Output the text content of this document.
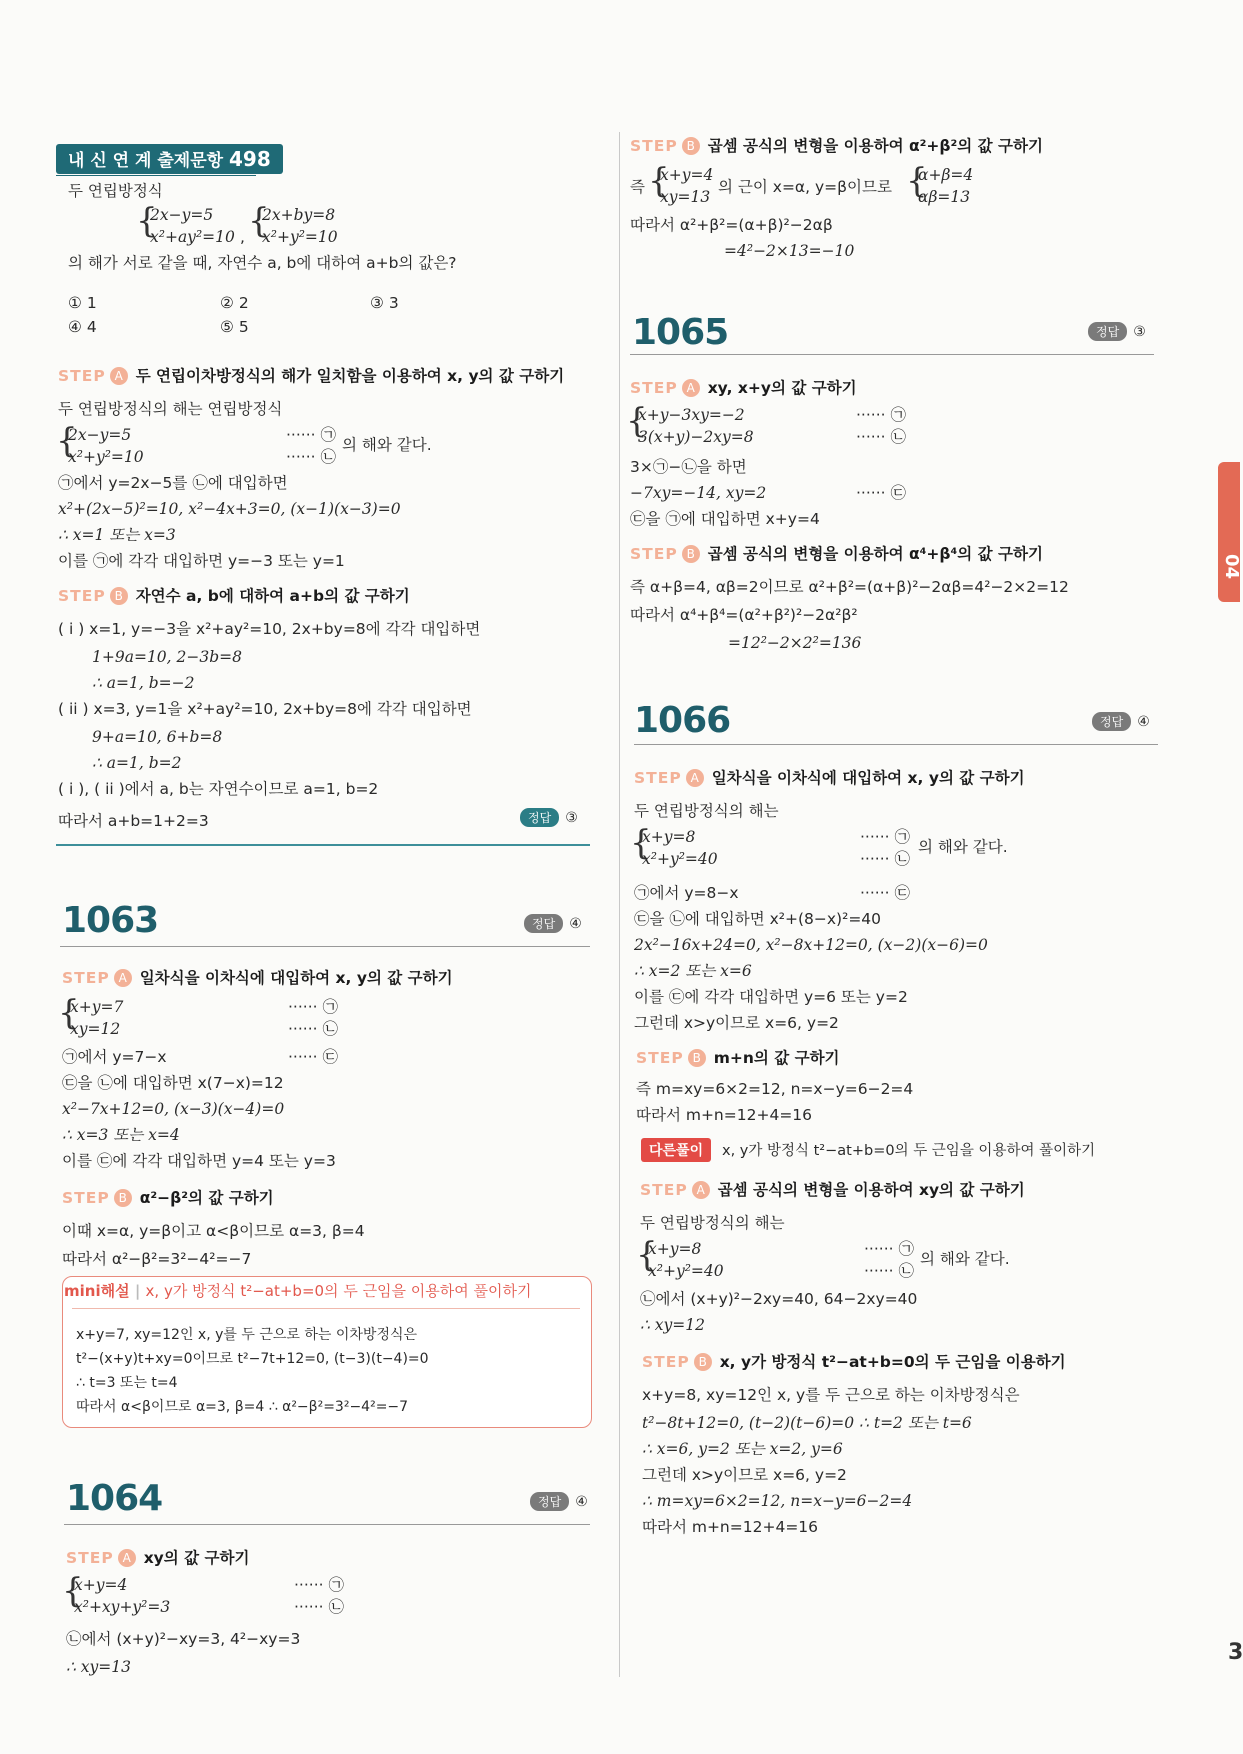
내 신 연 계 출제문항 498
두 연립방정식
{
2x−y=5
x²+ay²=10 , {
2x+by=8
x²+y²=10
의 해가 서로 같을 때, 자연수 a, b에 대하여 a+b의 값은?
① 1	② 2	③ 3
④ 4	⑤ 5
STEP A 두 연립이차방정식의 해가 일치함을 이용하여 x, y의 값 구하기
두 연립방정식의 해는 연립방정식
{
2x−y=5
x²+y²=10
······ ㉠
······ ㉡
의 해와 같다.
㉠에서 y=2x−5를 ㉡에 대입하면
x²+(2x−5)²=10, x²−4x+3=0, (x−1)(x−3)=0
∴ x=1 또는 x=3
이를 ㉠에 각각 대입하면 y=−3 또는 y=1
STEP B 자연수 a, b에 대하여 a+b의 값 구하기
( i ) x=1, y=−3을 x²+ay²=10, 2x+by=8에 각각 대입하면
1+9a=10, 2−3b=8
∴ a=1, b=−2
( ii ) x=3, y=1을 x²+ay²=10, 2x+by=8에 각각 대입하면
9+a=10, 6+b=8
∴ a=1, b=2
( i ), ( ii )에서 a, b는 자연수이므로 a=1, b=2
따라서 a+b=1+2=3	정답 ③
1063	정답 ④
STEP A 일차식을 이차식에 대입하여 x, y의 값 구하기
{
x+y=7
xy=12
······ ㉠
······ ㉡
㉠에서 y=7−x	······ ㉢
㉢을 ㉡에 대입하면 x(7−x)=12
x²−7x+12=0, (x−3)(x−4)=0
∴ x=3 또는 x=4
이를 ㉢에 각각 대입하면 y=4 또는 y=3
STEP B α²−β²의 값 구하기
이때 x=α, y=β이고 α<β이므로 α=3, β=4
따라서 α²−β²=3²−4²=−7
mini해설 | x, y가 방정식 t²−at+b=0의 두 근임을 이용하여 풀이하기
x+y=7, xy=12인 x, y를 두 근으로 하는 이차방정식은
t²−(x+y)t+xy=0이므로 t²−7t+12=0, (t−3)(t−4)=0
∴ t=3 또는 t=4
따라서 α<β이므로 α=3, β=4 ∴ α²−β²=3²−4²=−7
1064	정답 ④
STEP A xy의 값 구하기
{
x+y=4
x²+xy+y²=3
······ ㉠
······ ㉡
㉡에서 (x+y)²−xy=3, 4²−xy=3
∴ xy=13
STEP B 곱셈 공식의 변형을 이용하여 α²+β²의 값 구하기
즉 {
x+y=4
xy=13
의 근이 x=α, y=β이므로 {
α+β=4
αβ=13
따라서 α²+β²=(α+β)²−2αβ
=4²−2×13=−10
1065	정답 ③
STEP A xy, x+y의 값 구하기
{
x+y−3xy=−2
3(x+y)−2xy=8
······ ㉠
······ ㉡
3×㉠−㉡을 하면
−7xy=−14, xy=2	······ ㉢
㉢을 ㉠에 대입하면 x+y=4
STEP B 곱셈 공식의 변형을 이용하여 α⁴+β⁴의 값 구하기
즉 α+β=4, αβ=2이므로 α²+β²=(α+β)²−2αβ=4²−2×2=12
따라서 α⁴+β⁴=(α²+β²)²−2α²β²
=12²−2×2²=136
1066	정답 ④
STEP A 일차식을 이차식에 대입하여 x, y의 값 구하기
두 연립방정식의 해는
{
x+y=8
x²+y²=40
······ ㉠
······ ㉡
의 해와 같다.
㉠에서 y=8−x	······ ㉢
㉢을 ㉡에 대입하면 x²+(8−x)²=40
2x²−16x+24=0, x²−8x+12=0, (x−2)(x−6)=0
∴ x=2 또는 x=6
이를 ㉢에 각각 대입하면 y=6 또는 y=2
그런데 x>y이므로 x=6, y=2
STEP B m+n의 값 구하기
즉 m=xy=6×2=12, n=x−y=6−2=4
따라서 m+n=12+4=16
다른풀이	x, y가 방정식 t²−at+b=0의 두 근임을 이용하여 풀이하기
STEP A 곱셈 공식의 변형을 이용하여 xy의 값 구하기
두 연립방정식의 해는
{
x+y=8
x²+y²=40
······ ㉠
······ ㉡
의 해와 같다.
㉡에서 (x+y)²−2xy=40, 64−2xy=40
∴ xy=12
STEP B x, y가 방정식 t²−at+b=0의 두 근임을 이용하기
x+y=8, xy=12인 x, y를 두 근으로 하는 이차방정식은
t²−8t+12=0, (t−2)(t−6)=0 ∴ t=2 또는 t=6
∴ x=6, y=2 또는 x=2, y=6
그런데 x>y이므로 x=6, y=2
∴ m=xy=6×2=12, n=x−y=6−2=4
따라서 m+n=12+4=16
04
3
